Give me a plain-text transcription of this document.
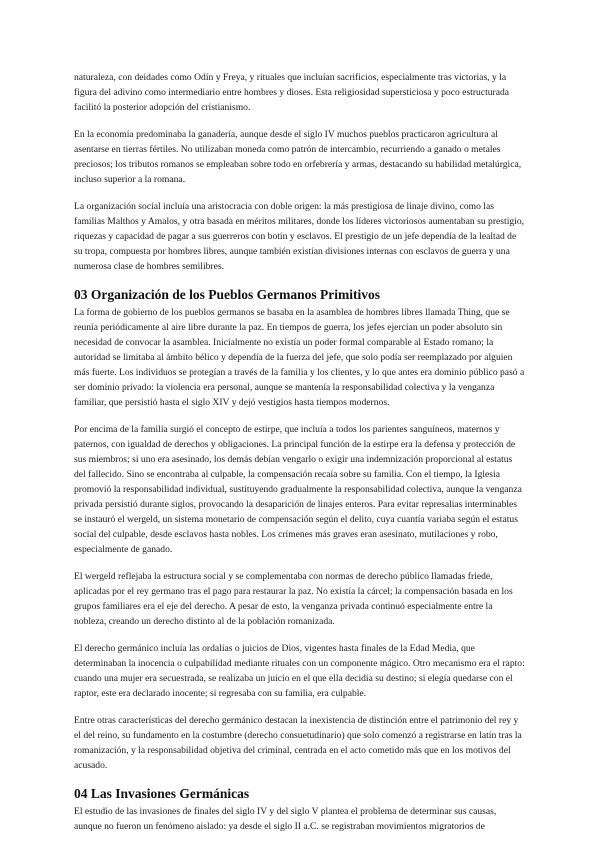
naturaleza, con deidades como Odín y Freya, y rituales que incluían sacrificios, especialmente tras victorias, y la figura del adivino como intermediario entre hombres y dioses. Esta religiosidad supersticiosa y poco estructurada facilitó la posterior adopción del cristianismo.

En la economía predominaba la ganadería, aunque desde el siglo IV muchos pueblos practicaron agricultura al asentarse en tierras fértiles. No utilizaban moneda como patrón de intercambio, recurriendo a ganado o metales preciosos; los tributos romanos se empleaban sobre todo en orfebrería y armas, destacando su habilidad metalúrgica, incluso superior a la romana.

La organización social incluía una aristocracia con doble origen: la más prestigiosa de linaje divino, como las familias Malthos y Amalos, y otra basada en méritos militares, donde los líderes victoriosos aumentaban su prestigio, riquezas y capacidad de pagar a sus guerreros con botín y esclavos. El prestigio de un jefe dependía de la lealtad de su tropa, compuesta por hombres libres, aunque también existían divisiones internas con esclavos de guerra y una numerosa clase de hombres semilibres.

03 Organización de los Pueblos Germanos Primitivos

La forma de gobierno de los pueblos germanos se basaba en la asamblea de hombres libres llamada Thing, que se reunía periódicamente al aire libre durante la paz. En tiempos de guerra, los jefes ejercían un poder absoluto sin necesidad de convocar la asamblea. Inicialmente no existía un poder formal comparable al Estado romano; la autoridad se limitaba al ámbito bélico y dependía de la fuerza del jefe, que solo podía ser reemplazado por alguien más fuerte. Los individuos se protegían a través de la familia y los clientes, y lo que antes era dominio público pasó a ser dominio privado: la violencia era personal, aunque se mantenía la responsabilidad colectiva y la venganza familiar, que persistió hasta el siglo XIV y dejó vestigios hasta tiempos modernos.

Por encima de la familia surgió el concepto de estirpe, que incluía a todos los parientes sanguíneos, maternos y paternos, con igualdad de derechos y obligaciones. La principal función de la estirpe era la defensa y protección de sus miembros; si uno era asesinado, los demás debían vengarlo o exigir una indemnización proporcional al estatus del fallecido. Sino se encontraba al culpable, la compensación recaía sobre su familia. Con el tiempo, la Iglesia promovió la responsabilidad individual, sustituyendo gradualmente la responsabilidad colectiva, aunque la venganza privada persistió durante siglos, provocando la desaparición de linajes enteros. Para evitar represalias interminables se instauró el wergeld, un sistema monetario de compensación según el delito, cuya cuantía variaba según el estatus social del culpable, desde esclavos hasta nobles. Los crímenes más graves eran asesinato, mutilaciones y robo, especialmente de ganado.

El wergeld reflejaba la estructura social y se complementaba con normas de derecho público llamadas friede, aplicadas por el rey germano tras el pago para restaurar la paz. No existía la cárcel; la compensación basada en los grupos familiares era el eje del derecho. A pesar de esto, la venganza privada continuó especialmente entre la nobleza, creando un derecho distinto al de la población romanizada.

El derecho germánico incluía las ordalías o juicios de Dios, vigentes hasta finales de la Edad Media, que determinaban la inocencia o culpabilidad mediante rituales con un componente mágico. Otro mecanismo era el rapto: cuando una mujer era secuestrada, se realizaba un juicio en el que ella decidía su destino; si elegía quedarse con el raptor, este era declarado inocente; si regresaba con su familia, era culpable.

Entre otras características del derecho germánico destacan la inexistencia de distinción entre el patrimonio del rey y el del reino, su fundamento en la costumbre (derecho consuetudinario) que solo comenzó a registrarse en latín tras la romanización, y la responsabilidad objetiva del criminal, centrada en el acto cometido más que en los motivos del acusado.

04 Las Invasiones Germánicas

El estudio de las invasiones de finales del siglo IV y del siglo V plantea el problema de determinar sus causas, aunque no fueron un fenómeno aislado: ya desde el siglo II a.C. se registraban movimientos migratorios de
